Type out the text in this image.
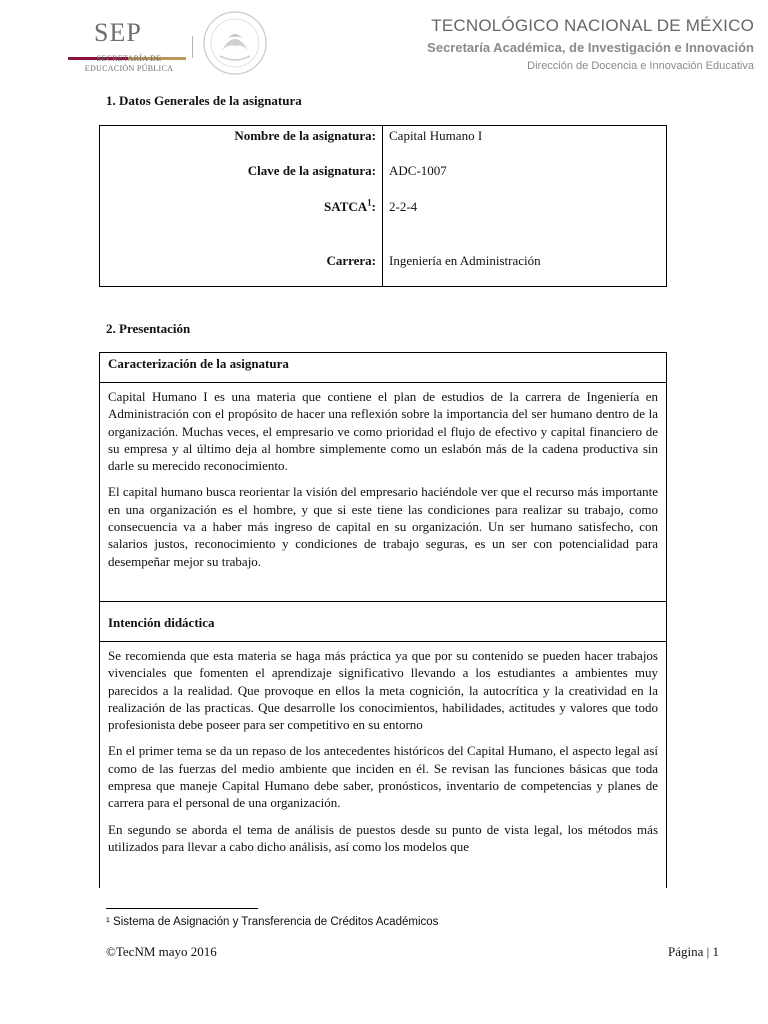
SEP
SECRETARÍA DE
EDUCACIÓN PÚBLICA
TECNOLÓGICO NACIONAL DE MÉXICO
Secretaría Académica, de Investigación e Innovación
Dirección de Docencia e Innovación Educativa
1. Datos Generales de la asignatura
Nombre de la asignatura: Capital Humano I
Clave de la asignatura: ADC-1007
SATCA$^1$: 2-2-4
Carrera: Ingeniería en Administración
2. Presentación
Caracterización de la asignatura

Capital Humano I es una materia que contiene el plan de estudios de la carrera de Ingeniería en Administración con el propósito de hacer una reflexión sobre la importancia del ser humano dentro de la organización. Muchas veces, el empresario ve como prioridad el flujo de efectivo y capital financiero de su empresa y al último deja al hombre simplemente como un eslabón más de la cadena productiva sin darle su merecido reconocimiento.

El capital humano busca reorientar la visión del empresario haciéndole ver que el recurso más importante en una organización es el hombre, y que si este tiene las condiciones para realizar su trabajo, como consecuencia va a haber más ingreso de capital en su organización. Un ser humano satisfecho, con salarios justos, reconocimiento y condiciones de trabajo seguras, es un ser con potencialidad para desempeñar mejor su trabajo.

Intención didáctica

Se recomienda que esta materia se haga más práctica ya que por su contenido se pueden hacer trabajos vivenciales que fomenten el aprendizaje significativo llevando a los estudiantes a ambientes muy parecidos a la realidad. Que provoque en ellos la meta cognición, la autocrítica y la creatividad en la realización de las practicas. Que desarrolle los conocimientos, habilidades, actitudes y valores que todo profesionista debe poseer para ser competitivo en su entorno

En el primer tema se da un repaso de los antecedentes históricos del Capital Humano, el aspecto legal así como de las fuerzas del medio ambiente que inciden en él. Se revisan las funciones básicas que toda empresa que maneje Capital Humano debe saber, pronósticos, inventario de competencias y planes de carrera para el personal de una organización.

En segundo se aborda el tema de análisis de puestos desde su punto de vista legal, los métodos más utilizados para llevar a cabo dicho análisis, así como los modelos que

¹ Sistema de Asignación y Transferencia de Créditos Académicos
©TecNM mayo 2016	Página | 1
